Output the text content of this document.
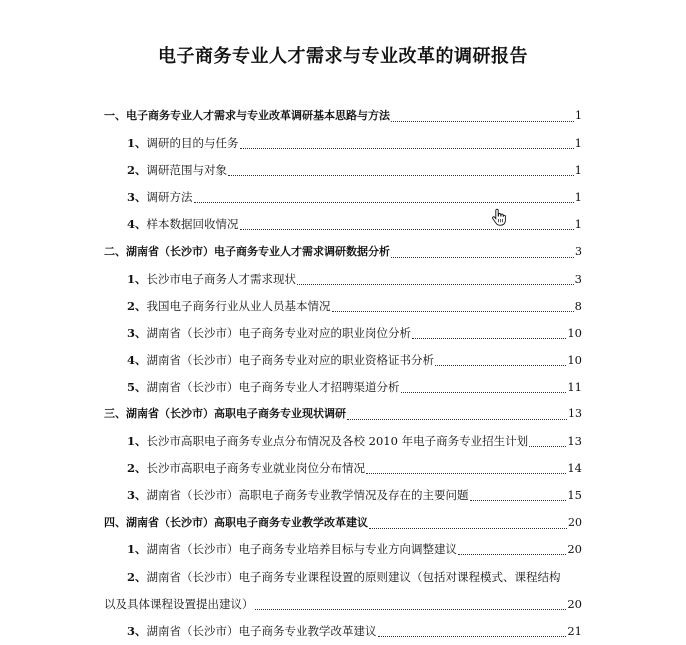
电子商务专业人才需求与专业改革的调研报告
一、 电子商务专业人才需求与专业改革调研基本思路与方法	1
1、 调研的目的与任务	1
2、 调研范围与对象	1
3、 调研方法	1
4、 样本数据回收情况	1
二、 湖南省（长沙市）电子商务专业人才需求调研数据分析	3
1、 长沙市电子商务人才需求现状	3
2、 我国电子商务行业从业人员基本情况	8
3、 湖南省（长沙市）电子商务专业对应的职业岗位分析	10
4、 湖南省（长沙市）电子商务专业对应的职业资格证书分析	10
5、 湖南省（长沙市）电子商务专业人才招聘渠道分析	11
三、 湖南省（长沙市）高职电子商务专业现状调研	13
1、 长沙市高职电子商务专业点分布情况及各校 2010 年电子商务专业招生计划	13
2、 长沙市高职电子商务专业就业岗位分布情况	14
3、 湖南省（长沙市）高职电子商务专业教学情况及存在的主要问题	15
四、 湖南省（长沙市）高职电子商务专业教学改革建议	20
1、 湖南省（长沙市）电子商务专业培养目标与专业方向调整建议	20
2、 湖南省（长沙市）电子商务专业课程设置的原则建议（包括对课程模式、课程结构
以及具体课程设置提出建议）	20
3、 湖南省（长沙市）电子商务专业教学改革建议	21
